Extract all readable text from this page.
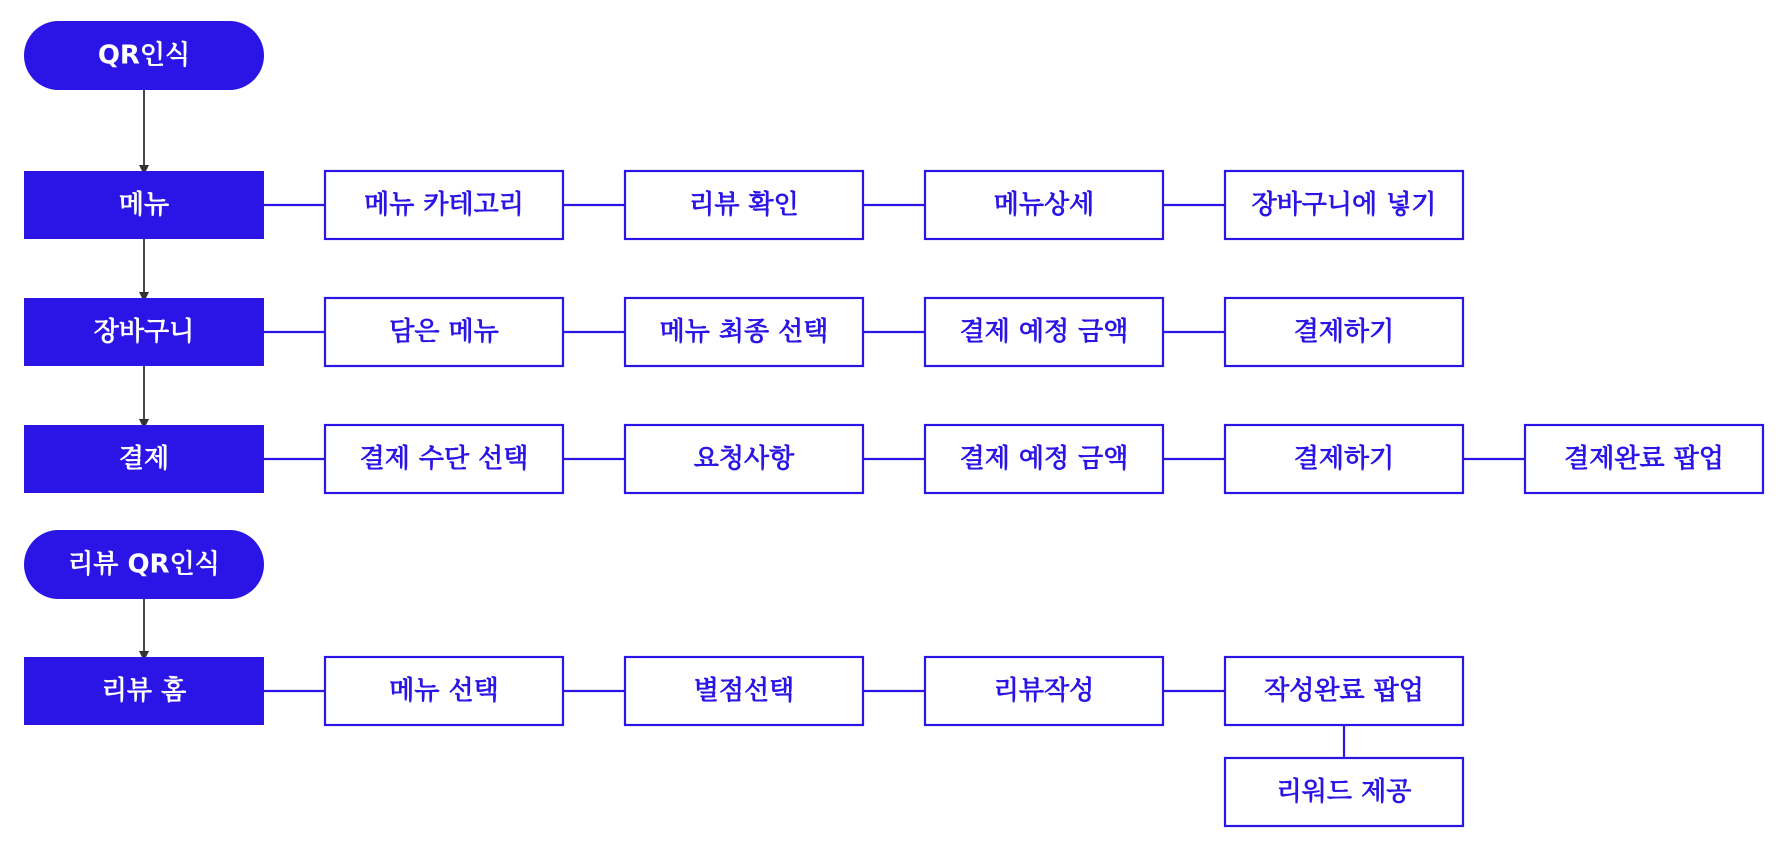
QR인식
메뉴	메뉴 카테고리	리뷰 확인	메뉴상세	장바구니에 넣기
장바구니	담은 메뉴	메뉴 최종 선택	결제 예정 금액	결제하기
결제	결제 수단 선택	요청사항	결제 예정 금액	결제하기	결제완료 팝업
리뷰 QR인식
리뷰 홈	메뉴 선택	별점선택	리뷰작성	작성완료 팝업
리워드 제공
